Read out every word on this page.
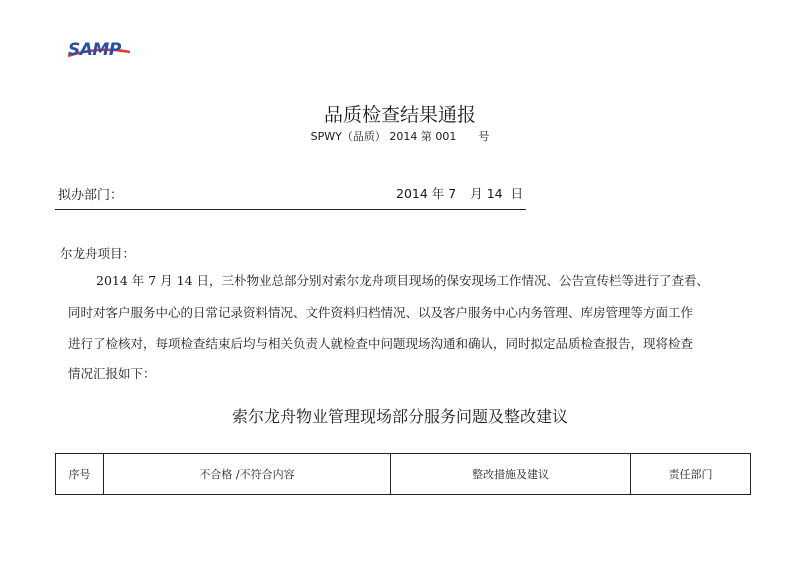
SAMP
品质检查结果通报
SPWY（品质） 2014 第 001 号
拟办部门：	2014 年 7 月 14 日
尔龙舟项目：
2014 年 7 月 14 日，三朴物业总部分别对索尔龙舟项目现场的保安现场工作情况、公告宣传栏等进行了查看、
同时对客户服务中心的日常记录资料情况、文件资料归档情况、以及客户服务中心内务管理、库房管理等方面工作
进行了检核对，每项检查结束后均与相关负责人就检查中问题现场沟通和确认，同时拟定品质检查报告，现将检查
情况汇报如下：
索尔龙舟物业管理现场部分服务问题及整改建议
序号	不合格 /不符合内容	整改措施及建议	责任部门
